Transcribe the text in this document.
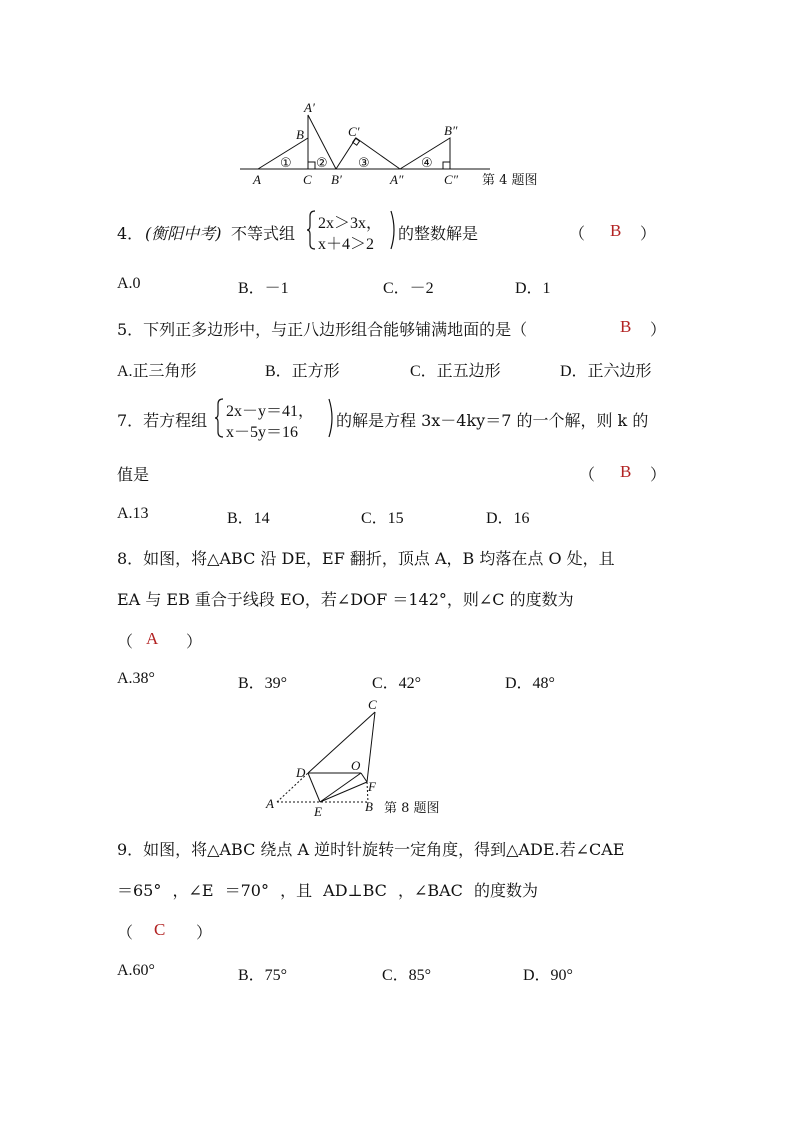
A
B
C
A′
B′
C′
A″
B″
C″
① ② ③	④
第 4 题图
4． (衡阳中考) 不等式组
2x＞3x，
x＋4＞2
的整数解是	（ B ）
A.0	B．－1	C．－2	D．1
5．下列正多边形中，与正八边形组合能够铺满地面的是（	B ）
A.正三角形	B．正方形	C．正五边形	D．正六边形
7．若方程组 2x－y＝41，
x－5y＝16
的解是方程 3x－4ky＝7 的一个解，则 k 的
值是	（ B ）
A.13	B．14	C．15	D．16
8．如图，将△ABC 沿 DE，EF 翻折，顶点 A，B 均落在点 O 处，且
EA 与 EB 重合于线段 EO，若∠DOF ＝142°，则∠C 的度数为
（ A ）
A.38°	B．39°	C．42°	D．48°
A	B
C
D
E
F
O
第 8 题图
9．如图，将△ABC 绕点 A 逆时针旋转一定角度，得到△ADE.若∠CAE
＝65° ，∠E ＝70° ，且 AD⊥BC ，∠BAC 的度数为
（ C ）
A.60°	B．75°	C．85°	D．90°
